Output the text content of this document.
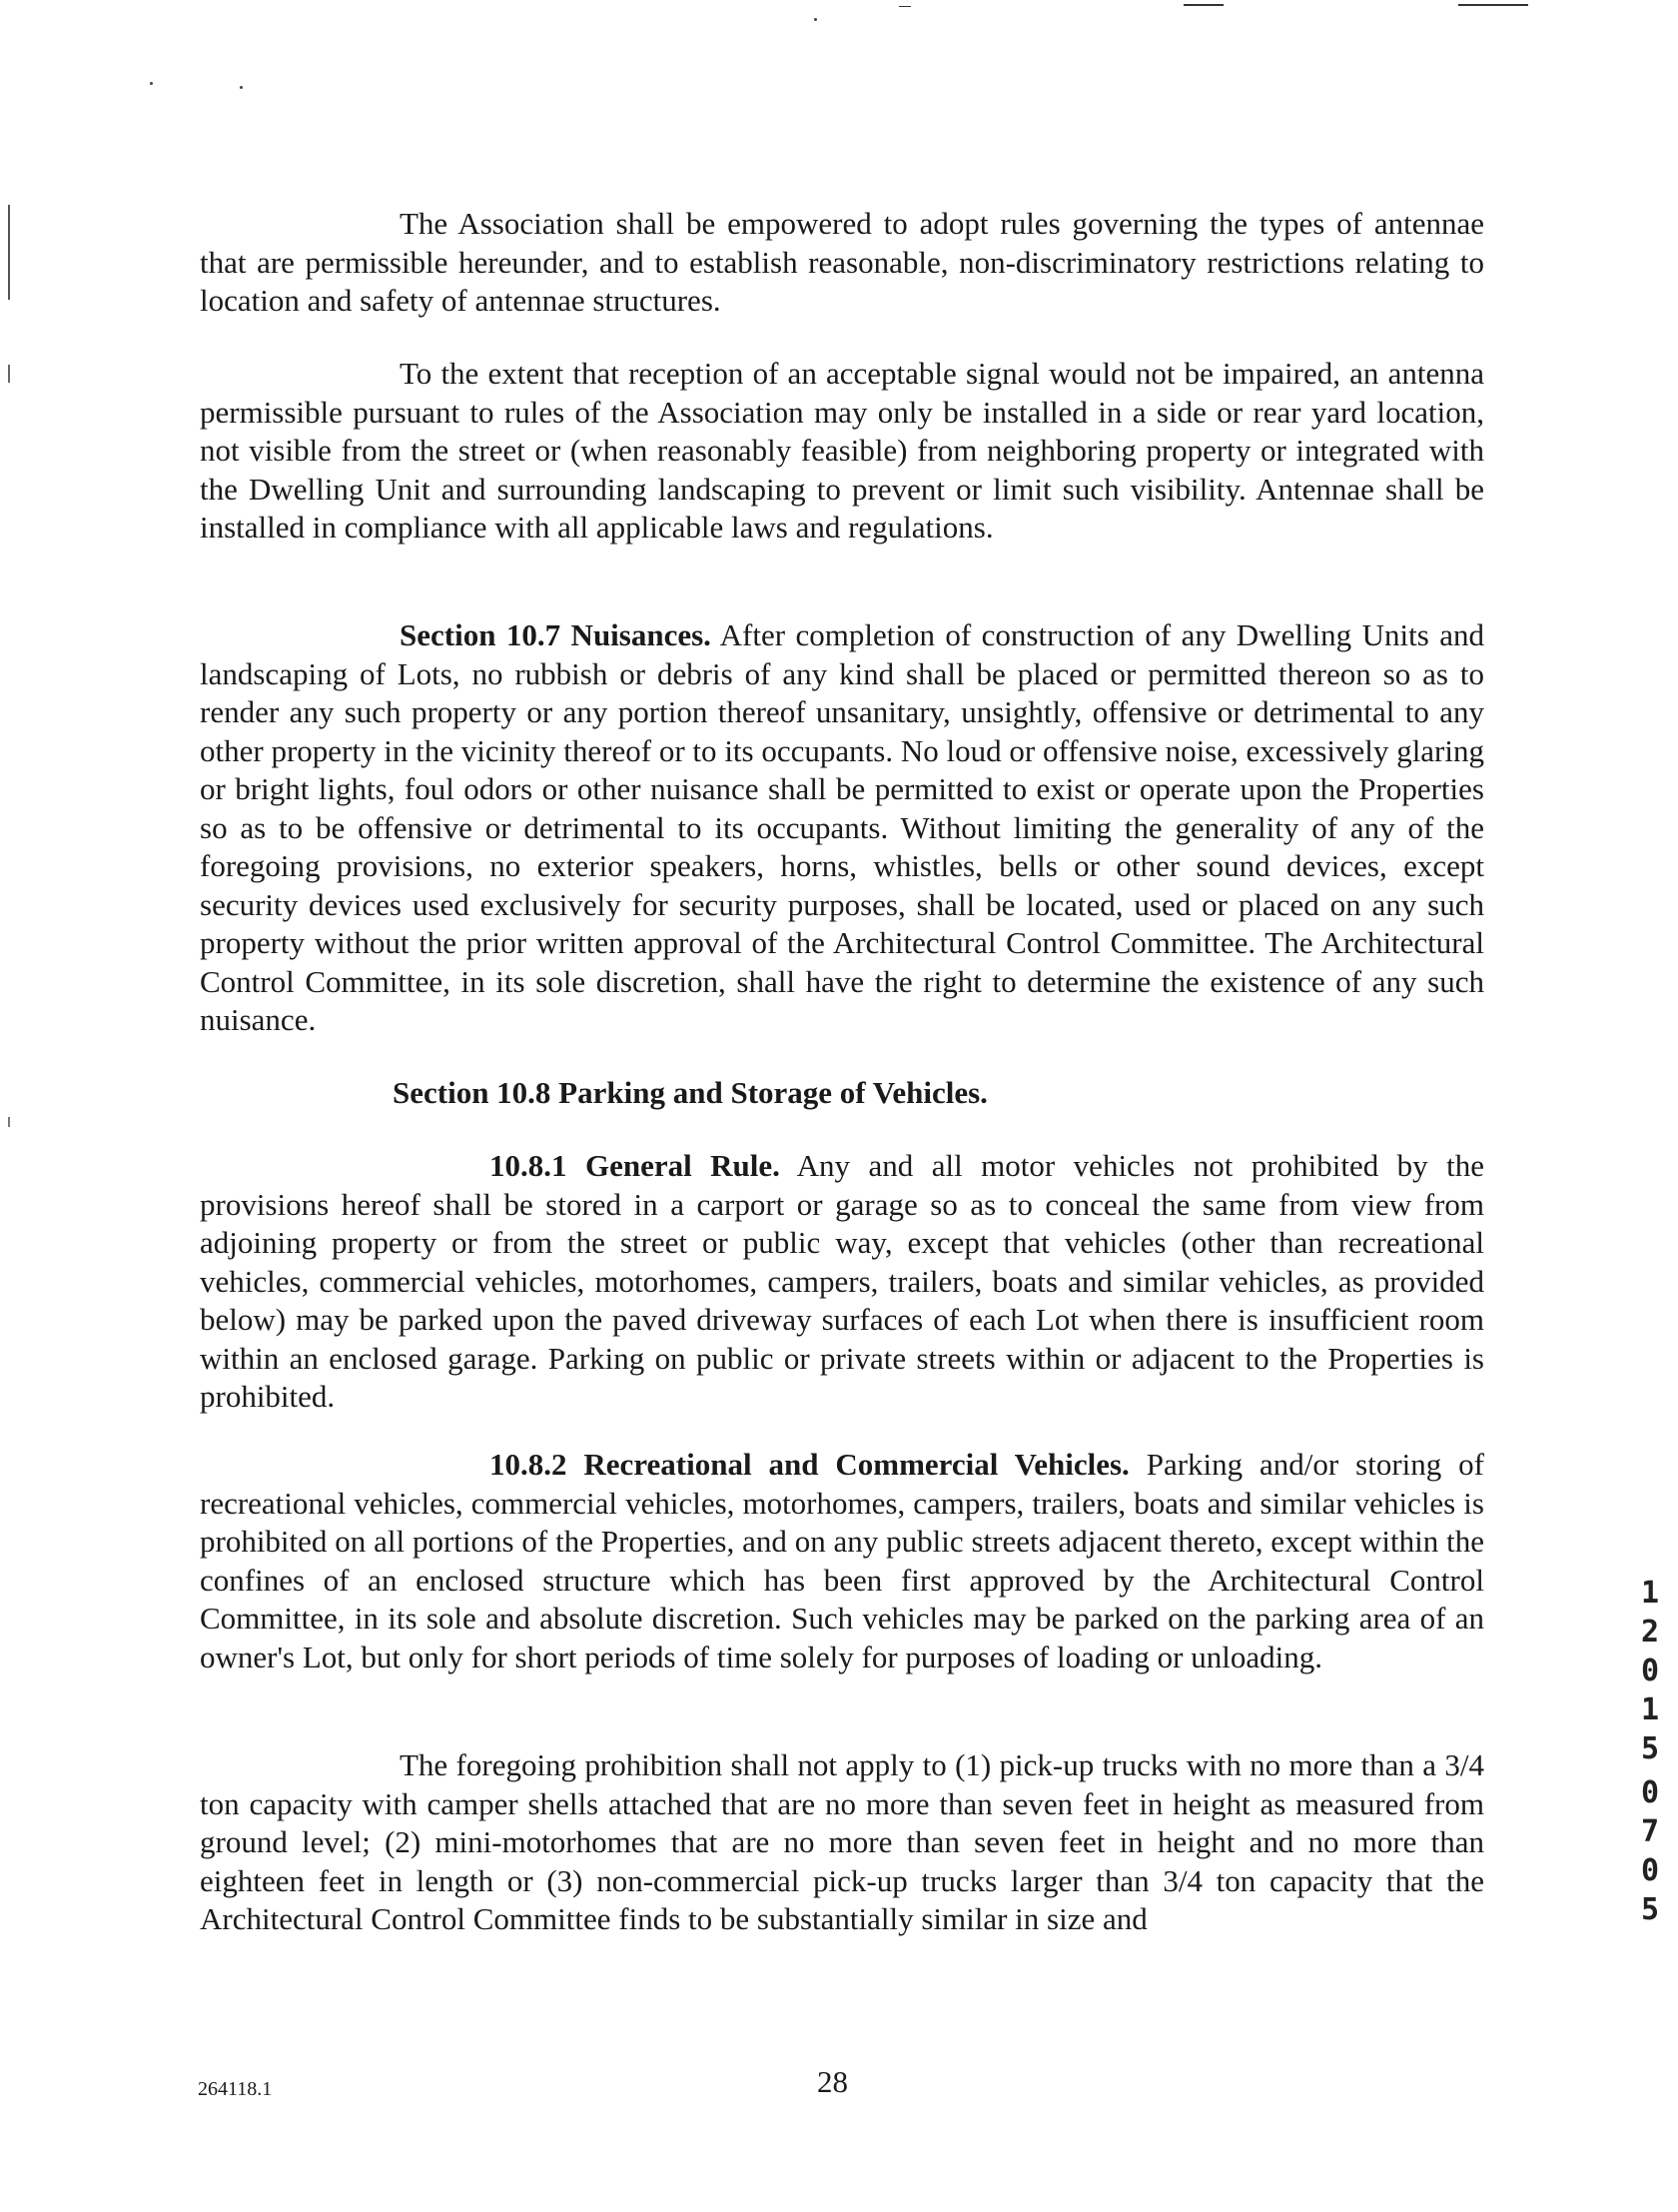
The Association shall be empowered to adopt rules governing the types of antennae that are permissible hereunder, and to establish reasonable, non-discriminatory restrictions relating to location and safety of antennae structures.

To the extent that reception of an acceptable signal would not be impaired, an antenna permissible pursuant to rules of the Association may only be installed in a side or rear yard location, not visible from the street or (when reasonably feasible) from neighboring property or integrated with the Dwelling Unit and surrounding landscaping to prevent or limit such visibility. Antennae shall be installed in compliance with all applicable laws and regulations.

Section 10.7 Nuisances. After completion of construction of any Dwelling Units and landscaping of Lots, no rubbish or debris of any kind shall be placed or permitted thereon so as to render any such property or any portion thereof unsanitary, unsightly, offensive or detrimental to any other property in the vicinity thereof or to its occupants. No loud or offensive noise, excessively glaring or bright lights, foul odors or other nuisance shall be permitted to exist or operate upon the Properties so as to be offensive or detrimental to its occupants. Without limiting the generality of any of the foregoing provisions, no exterior speakers, horns, whistles, bells or other sound devices, except security devices used exclusively for security purposes, shall be located, used or placed on any such property without the prior written approval of the Architectural Control Committee. The Architectural Control Committee, in its sole discretion, shall have the right to determine the existence of any such nuisance.

Section 10.8 Parking and Storage of Vehicles.

10.8.1 General Rule. Any and all motor vehicles not prohibited by the provisions hereof shall be stored in a carport or garage so as to conceal the same from view from adjoining property or from the street or public way, except that vehicles (other than recreational vehicles, commercial vehicles, motorhomes, campers, trailers, boats and similar vehicles, as provided below) may be parked upon the paved driveway surfaces of each Lot when there is insufficient room within an enclosed garage. Parking on public or private streets within or adjacent to the Properties is prohibited.

10.8.2 Recreational and Commercial Vehicles. Parking and/or storing of recreational vehicles, commercial vehicles, motorhomes, campers, trailers, boats and similar vehicles is prohibited on all portions of the Properties, and on any public streets adjacent thereto, except within the confines of an enclosed structure which has been first approved by the Architectural Control Committee, in its sole and absolute discretion. Such vehicles may be parked on the parking area of an owner's Lot, but only for short periods of time solely for purposes of loading or unloading.

The foregoing prohibition shall not apply to (1) pick-up trucks with no more than a 3/4 ton capacity with camper shells attached that are no more than seven feet in height as measured from ground level; (2) mini-motorhomes that are no more than seven feet in height and no more than eighteen feet in length or (3) non-commercial pick-up trucks larger than 3/4 ton capacity that the Architectural Control Committee finds to be substantially similar in size and

1
2
0
1
5
0
7
0
5
264118.1	28
